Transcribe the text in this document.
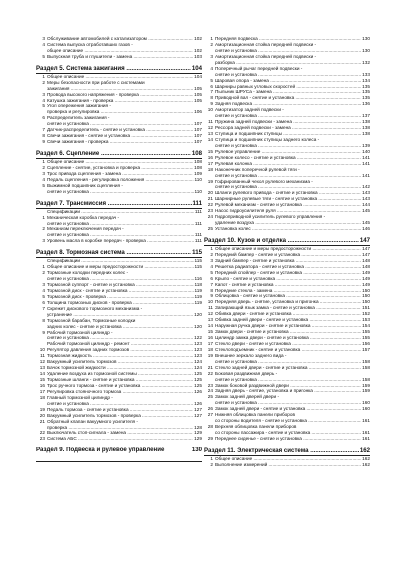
3 Обслуживание автомобилей с катализатором .....	102
4 Система выпуска отработавших газов -
общее описание .....	102
5 Выпускная труба и глушители - замена .....	103
Раздел 5. Система зажигания .....	104
1 Общее описание .....	104
2 Меры безопасности при работе с системами
зажигания .....	105
3 Провода высокого напряжения - проверка .....	105
4 Катушка зажигания - проверка .....	105
5 Угол опережения зажигания -
проверка и регулировка .....	106
6 Распределитель зажигания -
снятие и установка .....	107
7 Датчик-распределитель - снятие и установка .....	107
8 Свечи зажигания - снятие и установка .....	107
9 Свечи зажигания - проверка .....	107
Раздел 6. Сцепление .....	108
1 Общее описание .....	108
2 Сцепление - снятие, установка и проверка .....	108
3 Трос привода сцепления - замена .....	109
4 Педаль сцепления - регулировка положения .....	110
5 Выжимной подшипник сцепления -
снятие и установка .....	110
Раздел 7. Трансмиссия .....	111
Спецификации .....	111
1 Механическая коробка передач -
снятие и установка .....	111
2 Механизм переключения передач -
снятие и установка .....	111
3 Уровень масла в коробке передач - проверка .....	111
Раздел 8. Тормозная система .....	115
Спецификации .....	115
1 Общее описание и меры предосторожности .....	115
2 Тормозные колодки передних колес -
снятие и установка .....	116
3 Тормозной суппорт - снятие и установка .....	118
4 Тормозной диск - снятие и установка .....	119
5 Тормозной диск - проверка .....	119
6 Толщина тормозных дисков - проверка .....	119
7 Скрежет дискового тормозного механизма -
устранение .....	120
8 Тормозной барабан, Тормозные колодки
задних колес - снятие и установка .....	120
9 Рабочий тормозной цилиндр -
снятие и установка .....	122
Рабочий тормозной цилиндр - ремонт .....	123
10 Регулятор давления задних тормозов .....	123
11 Тормозная жидкость .....	123
12 Вакуумный усилитель тормозов .....	124
13 Бачок тормозной жидкости .....	124
14 Удаление воздуха из тормозной системы .....	125
15 Тормозные шланги - снятие и установка .....	125
16 Трос ручного тормоза - снятие и установка .....	125
17 Регулировка стояночного тормоза .....	126
18 Главный тормозной цилиндр -
снятие и установка .....	126
19 Педаль тормоза - снятие и установка .....	127
20 Вакуумный усилитель тормозов - проверка .....	127
21 Обратный клапан вакуумного усилителя -
проверка .....	128
22 Выключатель стоп-сигнала - замена .....	129
23 Система АБС .....	129
Раздел 9. Подвеска и рулевое управление	130
1 Передняя подвеска .....	130
2 Амортизационная стойка передней подвески -
снятие и установка .....	130
3 Амортизационная стойка передней подвески -
разборка .....	132
4 Поперечный рычаг передней подвески -
снятие и установка .....	133
5 Шаровая опора - замена .....	134
6 Шарниры равных угловых скоростей .....	135
7 Пыльник ШРУСа - замена .....	135
8 Приводной вал - снятие и установка .....	135
9 Задняя подвеска .....	136
10 Амортизатор задней подвески -
снятие и установка .....	137
11 Пружина задней подвески - замена .....	138
12 Рессора задней подвески - замена .....	138
13 Ступица и подшипник ступицы .....	138
14 Ступица и подшипник ступицы заднего колеса -
снятие и установка .....	139
15 Рулевое управление .....	140
16 Рулевое колесо - снятие и установка .....	141
17 Рулевая колонка .....	141
18 Наконечник поперечной рулевой тяги -
снятие и установка .....	141
19 Гофрированный чехол рулевого механизма -
снятие и установка .....	142
20 Шланги рулевого привода - снятие и установка .....	143
21 Шарнирные рулевые тяги - снятие и установка .....	143
22 Рулевой механизм - снятие и установка .....	144
23 Насос гидроусилителя руля .....	145
24 Гидроприводной усилитель рулевого управления -
удаление воздуха .....	145
25 Установка колес .....	146
Раздел 10. Кузов и отделка .....	147
1 Общее описание и меры предосторожности .....	147
2 Передний бампер - снятие и установка .....	147
3 Задний бампер - снятие и установка .....	148
4 Решетка радиатора - снятие и установка .....	148
5 Передний спойлер - снятие и установка .....	149
6 Крыло - снятие и установка .....	149
7 Капот - снятие и установка .....	149
8 Передние стекла - замена .....	150
9 Облицовка - снятие и установка .....	150
10 Передняя дверь - снятие, установка и пригонка .....	150
11 Запирающий язык замка - снятие и установка .....	151
12 Обивка двери - снятие и установка .....	152
13 Обивка задней двери - снятие и установка .....	153
14 Наружная ручка двери - снятие и установка .....	154
15 Замок двери - снятие и установка .....	155
16 Цилиндр замка двери - снятие и установка .....	155
17 Стекло двери - снятие и установка .....	156
18 Стеклоподъемник - снятие и установка .....	157
19 Внешнее зеркало заднего вида -
снятие и установка .....	158
21 Стекло задней двери - снятие и установка .....	158
22 Боковая раздвижная дверь -
снятие и установка .....	158
23 Замок боковой раздвижной двери .....	159
24 Задняя дверь - снятие, установка и пригонка .....	159
25 Замок задней дверей двери -
снятие и установка .....	160
26 Замок задней двери - снятие и установка .....	160
27 Нижняя облицовка панели приборов
со стороны водителя - снятие и установка .....	161
28 Верхняя облицовка панели приборов
со стороны пассажира - снятие и установка .....	161
29 Переднее сиденье - снятие и установка .....	161
Раздел 11. Электрическая система .....	162
1 Общее описание .....	162
2 Выполнение измерений .....	162
